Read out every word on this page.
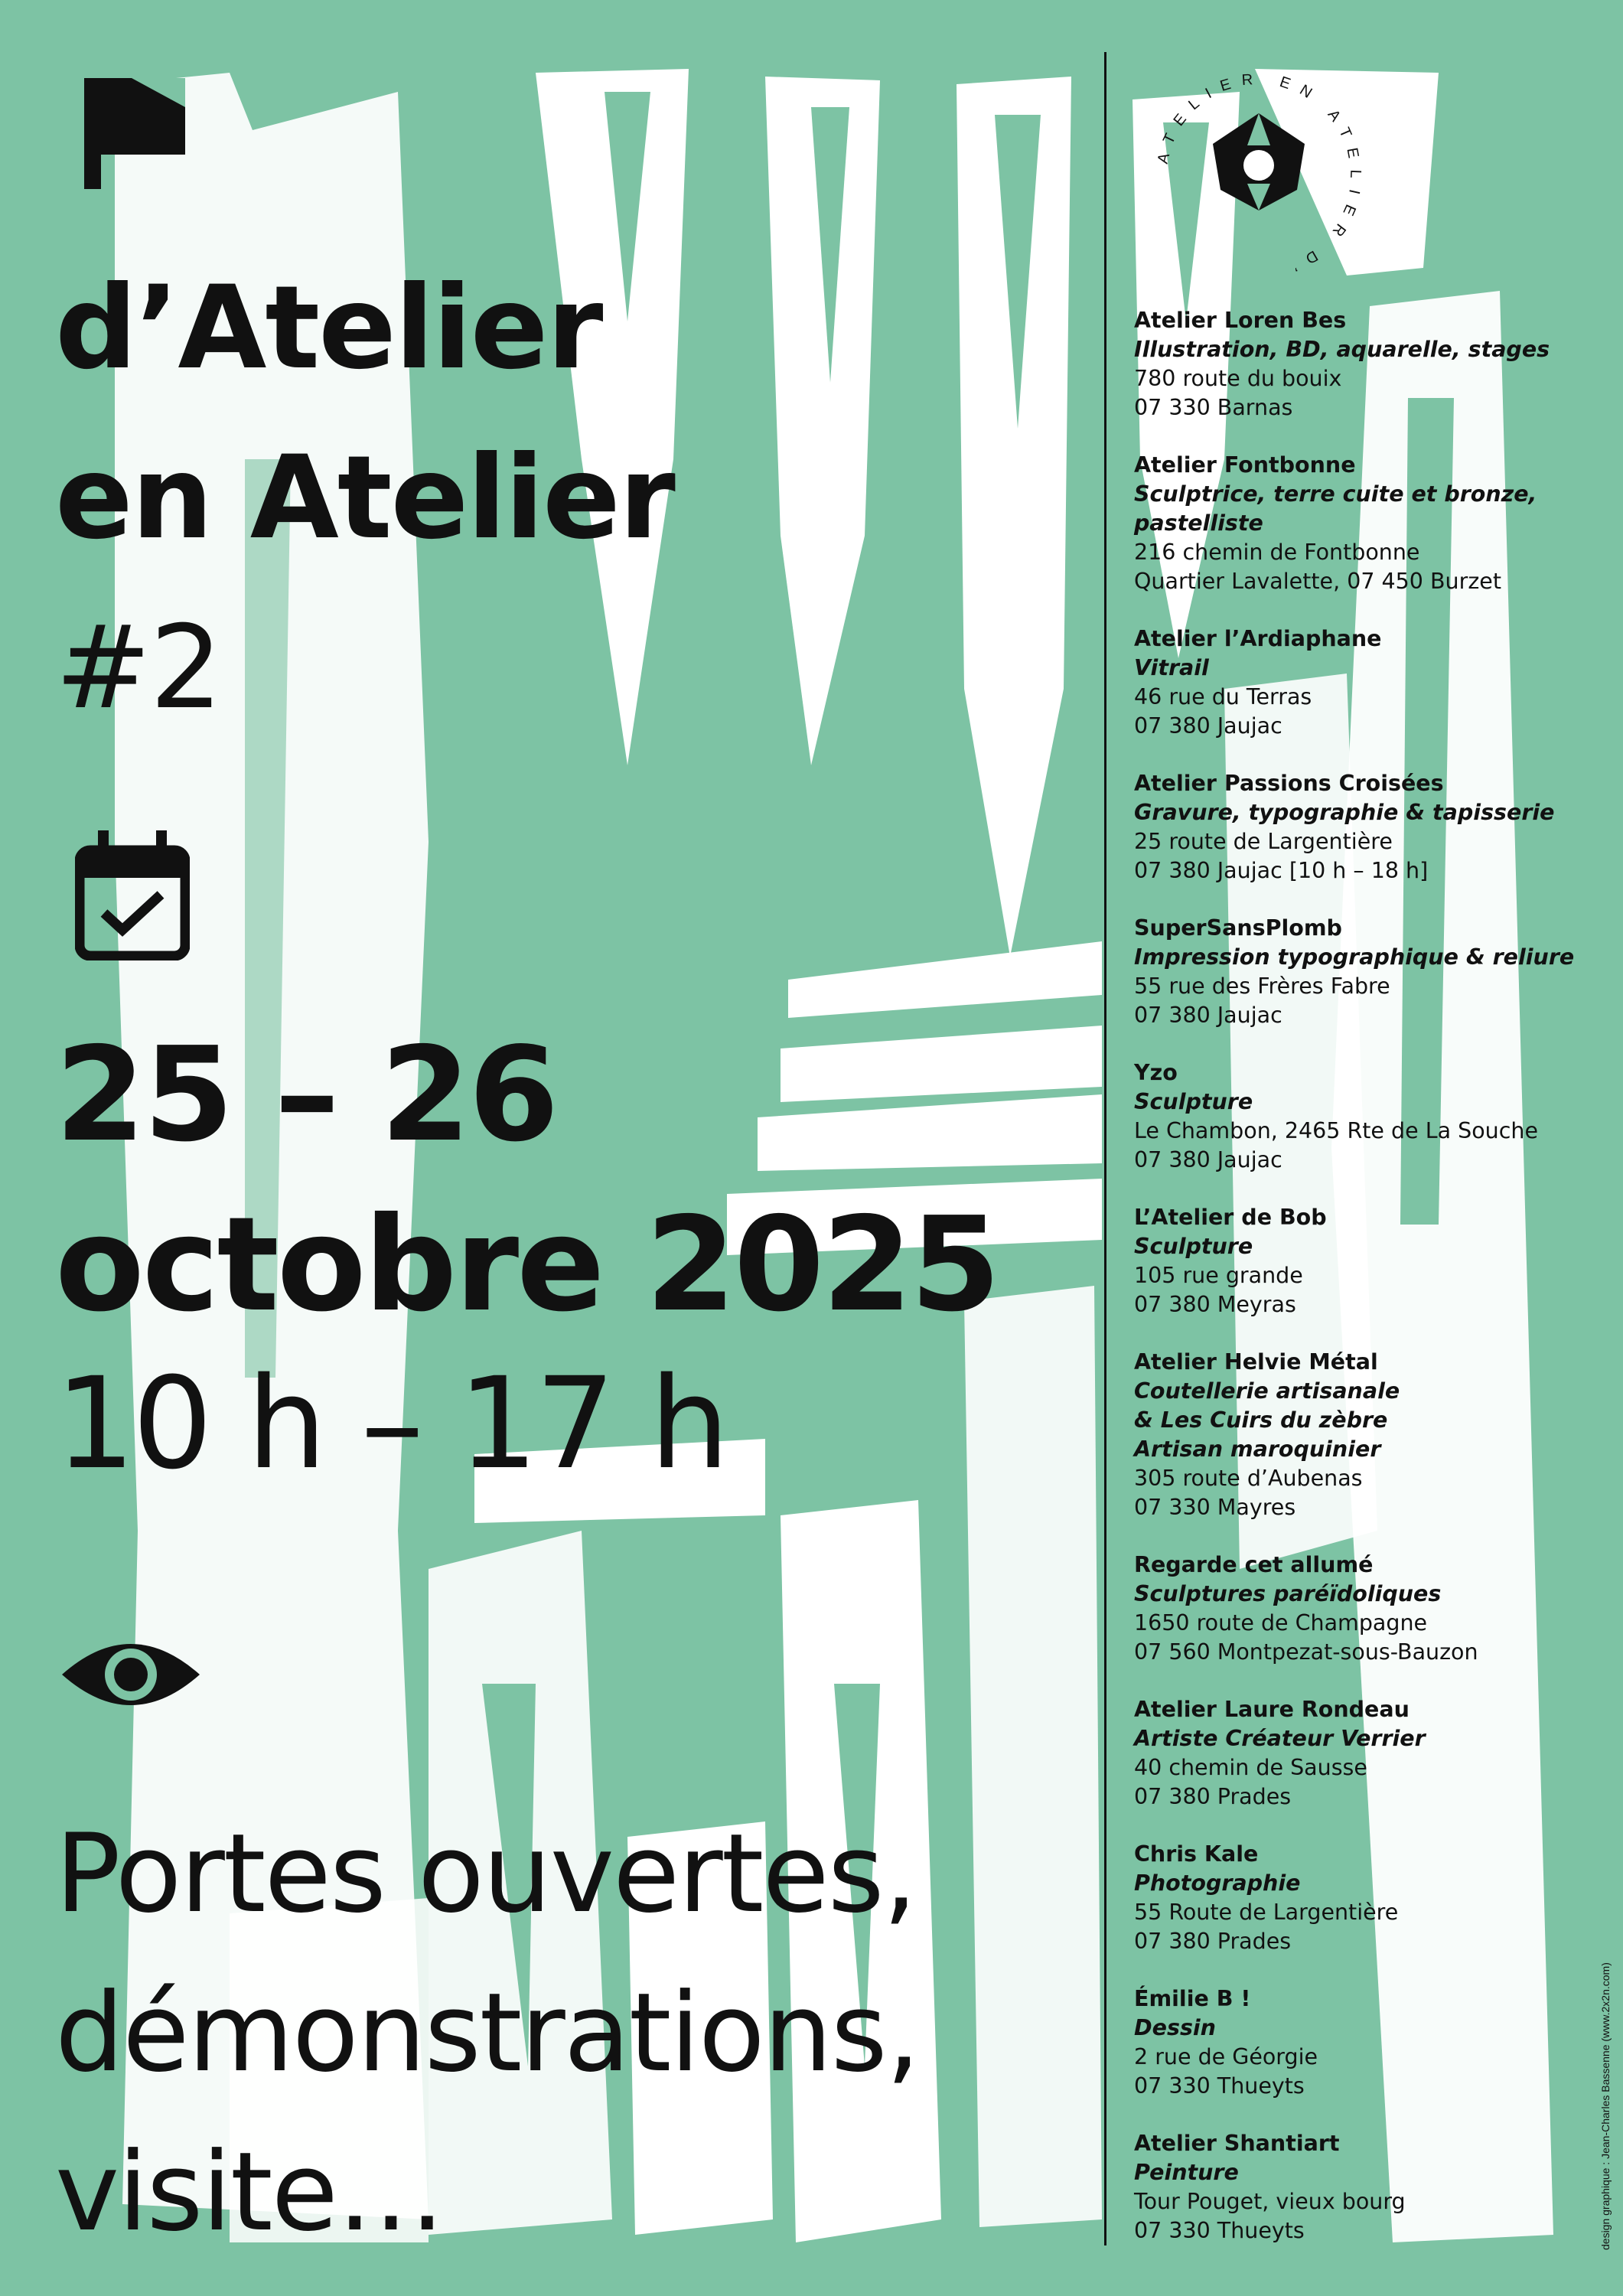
d’Atelier
en Atelier
#2
25 – 26
octobre 2025
10 h – 17 h
Portes ouvertes,
démonstrations,
visite…
ATELIER EN ATELIER D’
Atelier Loren Bes
Illustration, BD, aquarelle, stages
780 route du bouix
07 330 Barnas
Atelier Fontbonne
Sculptrice, terre cuite et bronze,
pastelliste
216 chemin de Fontbonne
Quartier Lavalette, 07 450 Burzet
Atelier l’Ardiaphane
Vitrail
46 rue du Terras
07 380 Jaujac
Atelier Passions Croisées
Gravure, typographie & tapisserie
25 route de Largentière
07 380 Jaujac [10 h – 18 h]
SuperSansPlomb
Impression typographique & reliure
55 rue des Frères Fabre
07 380 Jaujac
Yzo
Sculpture
Le Chambon, 2465 Rte de La Souche
07 380 Jaujac
L’Atelier de Bob
Sculpture
105 rue grande
07 380 Meyras
Atelier Helvie Métal
Coutellerie artisanale
& Les Cuirs du zèbre
Artisan maroquinier
305 route d’Aubenas
07 330 Mayres
Regarde cet allumé
Sculptures paréïdoliques
1650 route de Champagne
07 560 Montpezat-sous-Bauzon
Atelier Laure Rondeau
Artiste Créateur Verrier
40 chemin de Sausse
07 380 Prades
Chris Kale
Photographie
55 Route de Largentière
07 380 Prades
Émilie B !
Dessin
2 rue de Géorgie
07 330 Thueyts
Atelier Shantiart
Peinture
Tour Pouget, vieux bourg
07 330 Thueyts	design graphique : Jean-Charles Bassenne (www.2x2n.com)
